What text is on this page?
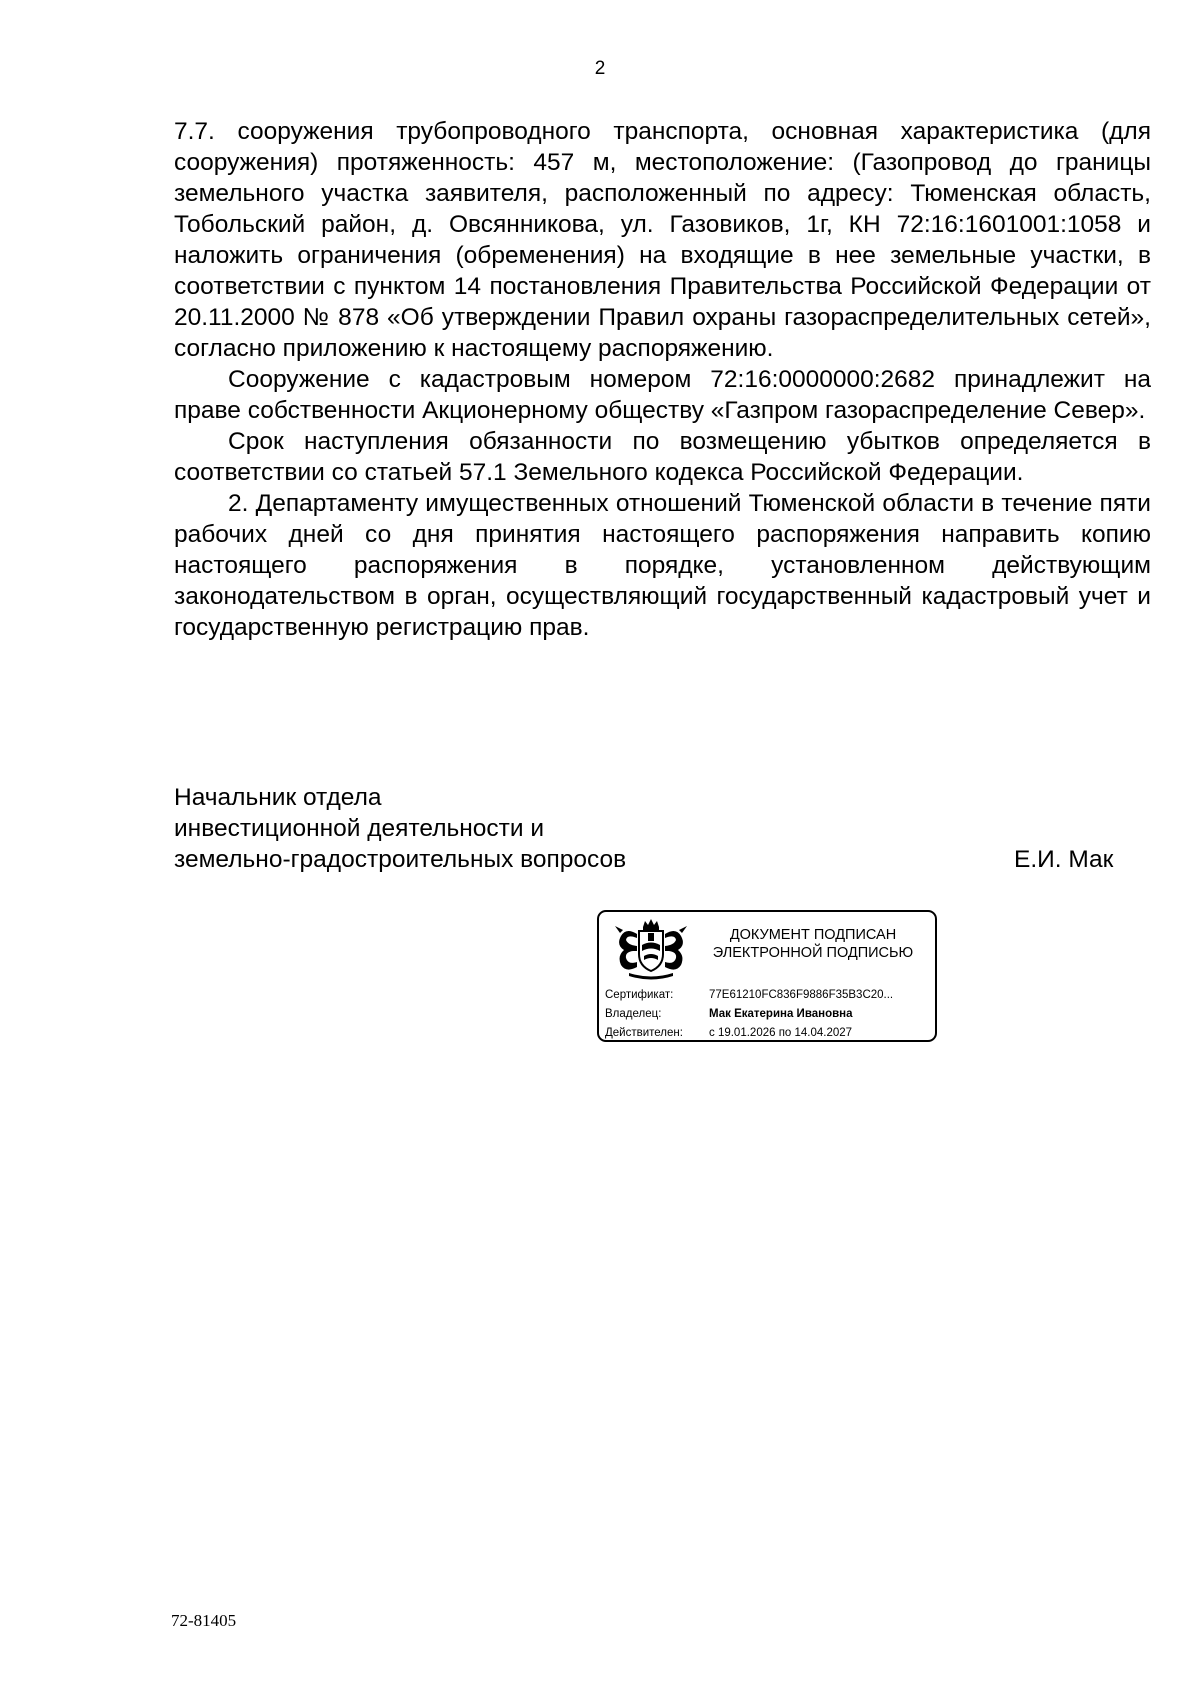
2

7.7. сооружения трубопроводного транспорта, основная характеристика (для сооружения) протяженность: 457 м, местоположение: (Газопровод до границы земельного участка заявителя, расположенный по адресу: Тюменская область, Тобольский район, д. Овсянникова, ул. Газовиков, 1г, КН 72:16:1601001:1058 и наложить ограничения (обременения) на входящие в нее земельные участки, в соответствии с пунктом 14 постановления Правительства Российской Федерации от 20.11.2000 № 878 «Об утверждении Правил охраны газораспределительных сетей», согласно приложению к настоящему распоряжению.

Сооружение с кадастровым номером 72:16:0000000:2682 принадлежит на праве собственности Акционерному обществу «Газпром газораспределение Север».

Срок наступления обязанности по возмещению убытков определяется в соответствии со статьей 57.1 Земельного кодекса Российской Федерации.

2. Департаменту имущественных отношений Тюменской области в течение пяти рабочих дней со дня принятия настоящего распоряжения направить копию настоящего распоряжения в порядке, установленном действующим законодательством в орган, осуществляющий государственный кадастровый учет и государственную регистрацию прав.

Начальник отдела
инвестиционной деятельности и
земельно-градостроительных вопросов	Е.И. Мак
ДОКУМЕНТ ПОДПИСАН
ЭЛЕКТРОННОЙ ПОДПИСЬЮ
Сертификат:	77E61210FC836F9886F35B3C20...
Владелец:	Мак Екатерина Ивановна
Действителен:	с 19.01.2026 по 14.04.2027
72-81405
